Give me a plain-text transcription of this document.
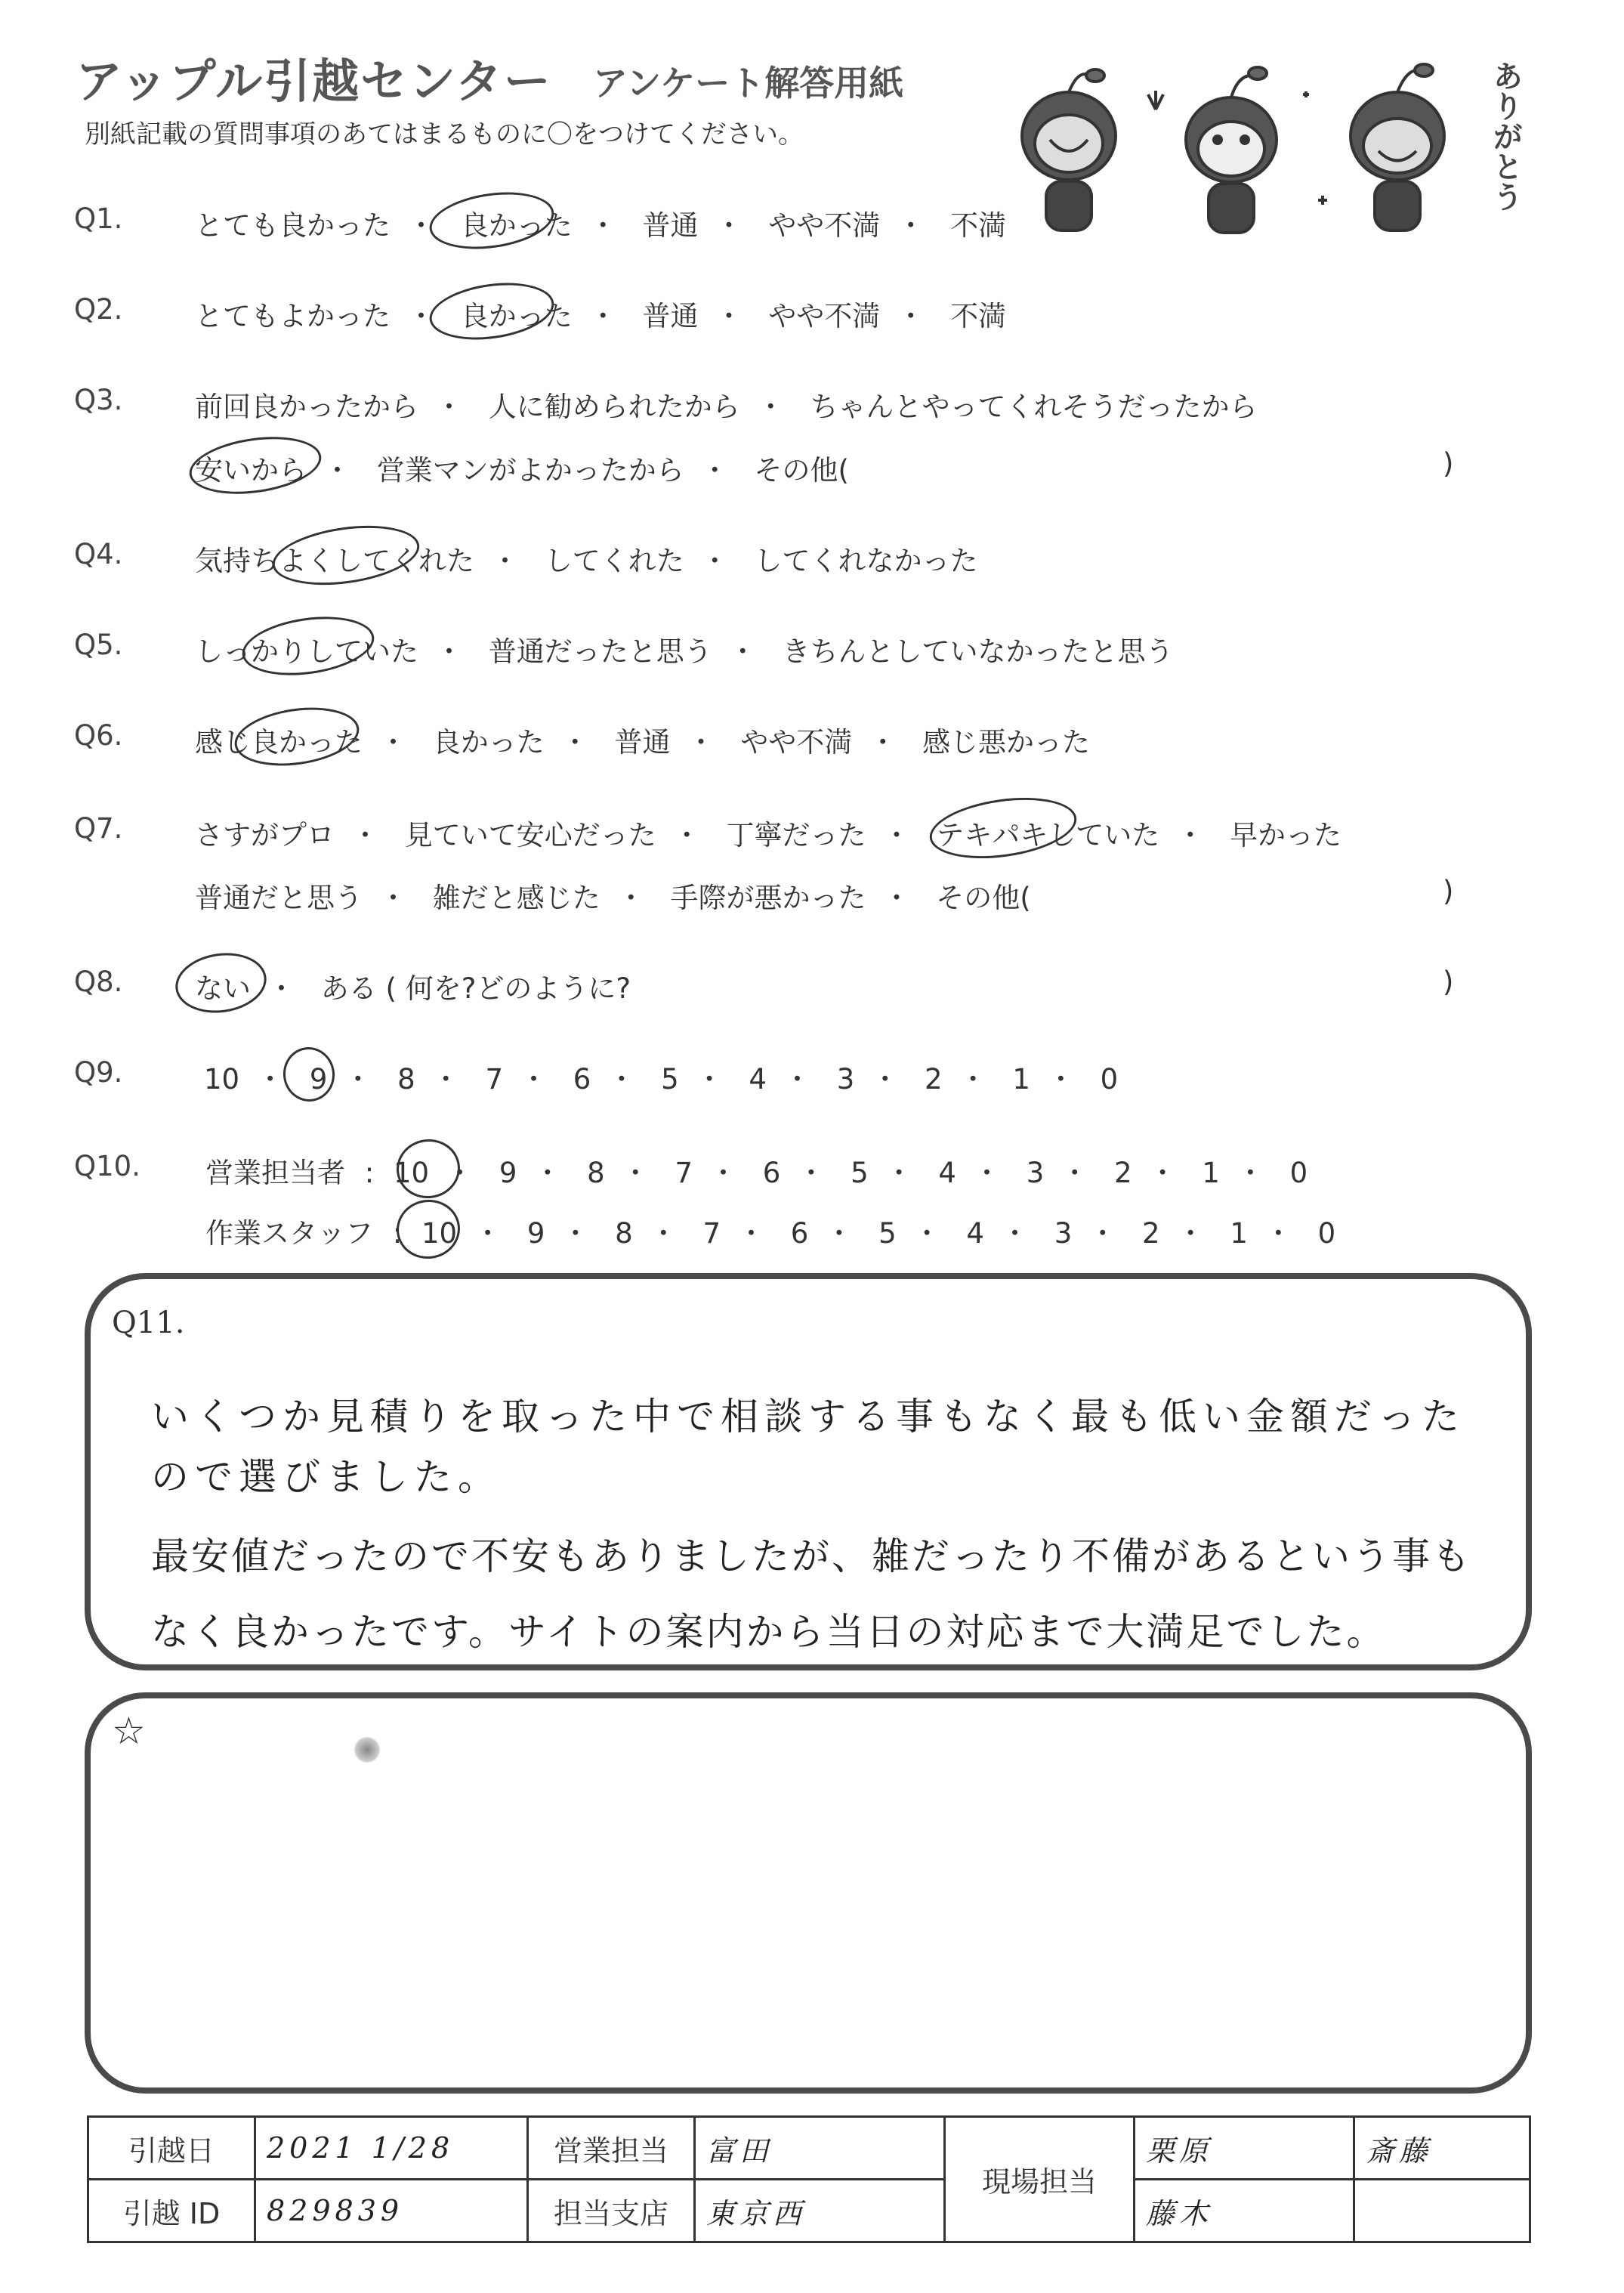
アップル引越センター アンケート解答用紙
別紙記載の質問事項のあてはまるものに〇をつけてください。	ありがとう
Q1.	とても良かった ・ 良かった ・ 普通 ・ やや不満 ・ 不満
Q2.	とてもよかった ・ 良かった ・ 普通 ・ やや不満 ・ 不満
Q3.	前回良かったから ・ 人に勧められたから ・ ちゃんとやってくれそうだったから
安いから ・ 営業マンがよかったから ・ その他(	)
Q4.	気持ちよくしてくれた ・ してくれた ・ してくれなかった
Q5.	しっかりしていた ・ 普通だったと思う ・ きちんとしていなかったと思う
Q6.	感じ良かった ・ 良かった ・ 普通 ・ やや不満 ・ 感じ悪かった
Q7.	さすがプロ ・ 見ていて安心だった ・ 丁寧だった ・ テキパキしていた ・ 早かった
普通だと思う ・ 雑だと感じた ・ 手際が悪かった ・ その他(	)
Q8.	ない ・ ある ( 何を?どのように?	)
Q9.	10 ・ 9 ・ 8 ・ 7 ・ 6 ・ 5 ・ 4 ・ 3 ・ 2 ・ 1 ・ 0
Q10. 営業担当者 : 10 ・ 9 ・ 8 ・ 7 ・ 6 ・ 5 ・ 4 ・ 3 ・ 2 ・ 1 ・ 0
作業スタッフ : 10 ・ 9 ・ 8 ・ 7 ・ 6 ・ 5 ・ 4 ・ 3 ・ 2 ・ 1 ・ 0
Q11.
いくつか見積りを取った中で相談する事もなく最も低い金額だった
ので選びました。
最安値だったので不安もありましたが、雑だったり不備があるという事も
なく良かったです。サイトの案内から当日の対応まで大満足でした。
☆
引越日	2021 1/28	営業担当	富田	現場担当	栗原	斎藤
引越 ID	829839	担当支店	東京西		藤木	
